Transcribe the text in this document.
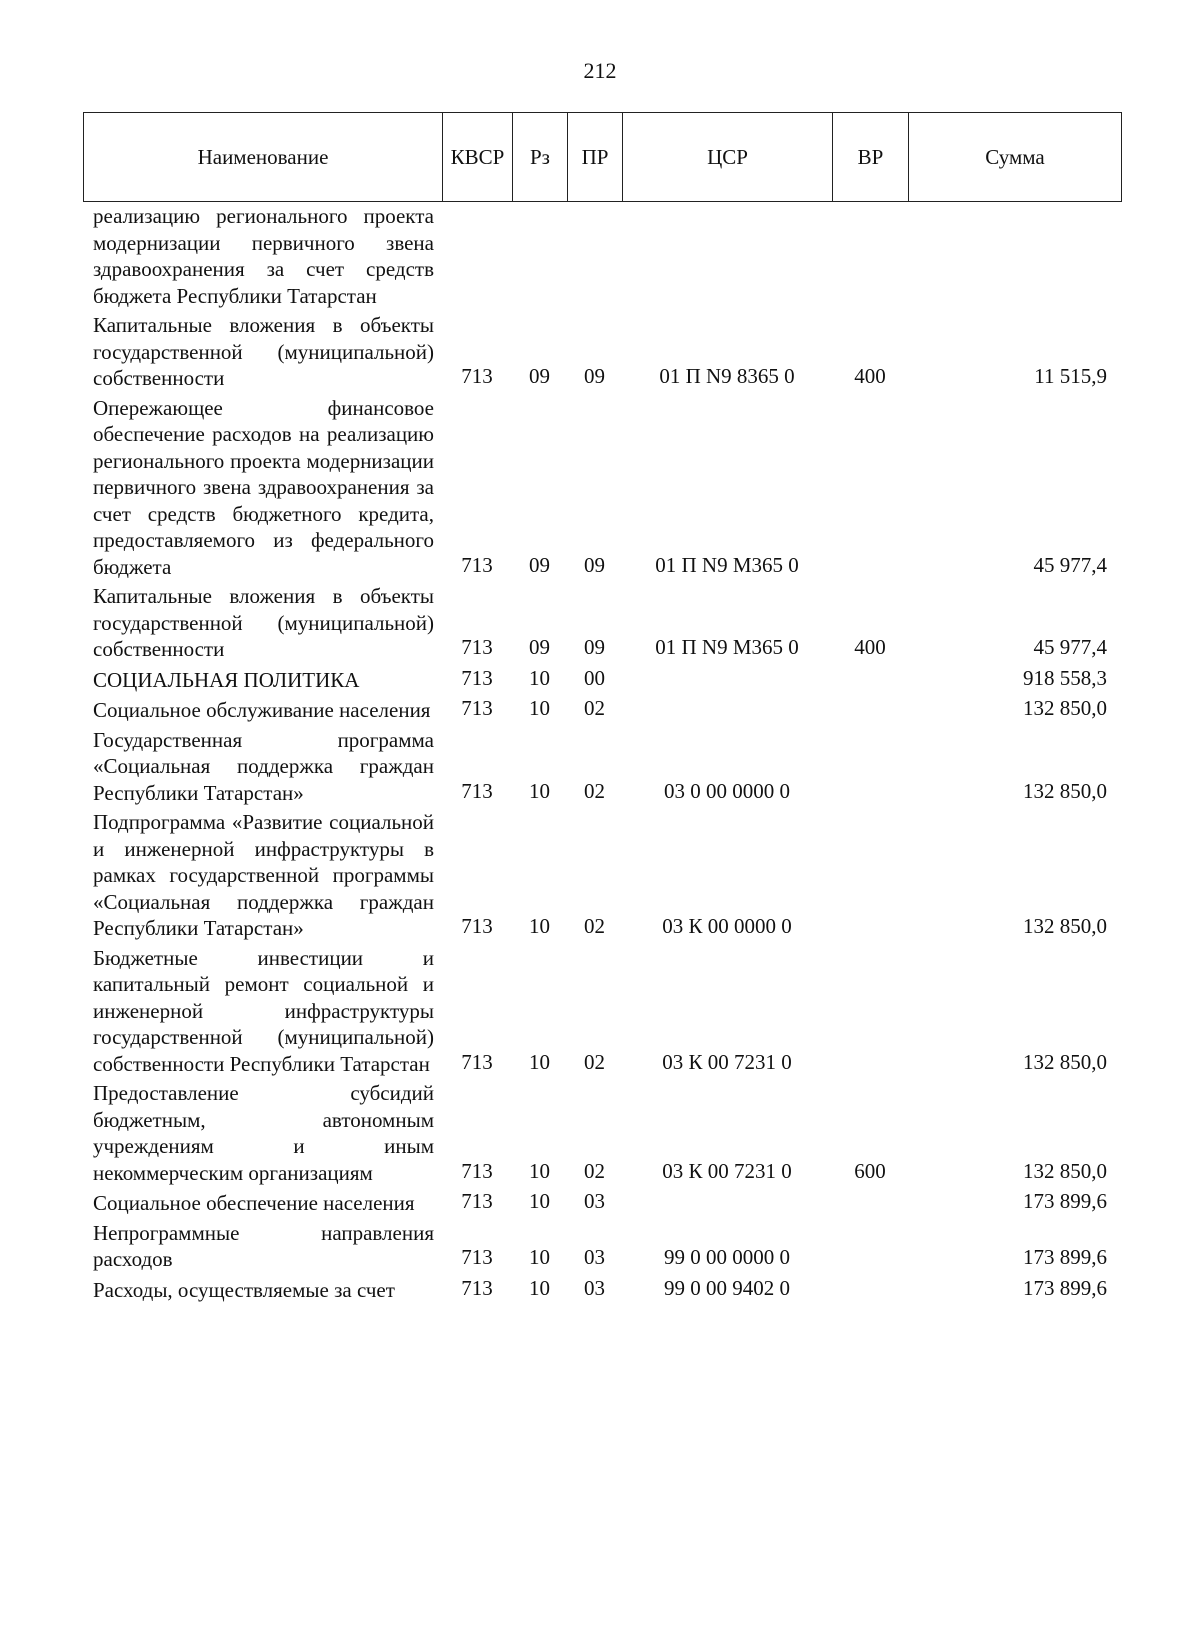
212
Наименование	КВСР	Рз	ПР	ЦСР	ВР	Сумма
реализацию регионального проекта модернизации первичного звена здравоохранения за счет средств бюджета Республики Татарстан						
Капитальные вложения в объекты государственной (муниципальной) собственности	713	09	09	01 П N9 8365 0	400	11 515,9
Опережающее финансовое обеспечение расходов на реализацию регионального проекта модернизации первичного звена здравоохранения за счет средств бюджетного кредита, предоставляемого из федерального бюджета	713	09	09	01 П N9 М365 0		45 977,4
Капитальные вложения в объекты государственной (муниципальной) собственности	713	09	09	01 П N9 М365 0	400	45 977,4
СОЦИАЛЬНАЯ ПОЛИТИКА	713	10	00			918 558,3
Социальное обслуживание населения	713	10	02			132 850,0
Государственная программа «Социальная поддержка граждан Республики Татарстан»	713	10	02	03 0 00 0000 0		132 850,0
Подпрограмма «Развитие социальной и инженерной инфраструктуры в рамках государственной программы «Социальная поддержка граждан Республики Татарстан»	713	10	02	03 К 00 0000 0		132 850,0
Бюджетные инвестиции и капитальный ремонт социальной и инженерной инфраструктуры государственной (муниципальной) собственности Республики Татарстан	713	10	02	03 К 00 7231 0		132 850,0
Предоставление субсидий бюджетным, автономным учреждениям и иным некоммерческим организациям	713	10	02	03 К 00 7231 0	600	132 850,0
Социальное обеспечение населения	713	10	03			173 899,6
Непрограммные направления расходов	713	10	03	99 0 00 0000 0		173 899,6
Расходы, осуществляемые за счет	713	10	03	99 0 00 9402 0		173 899,6
